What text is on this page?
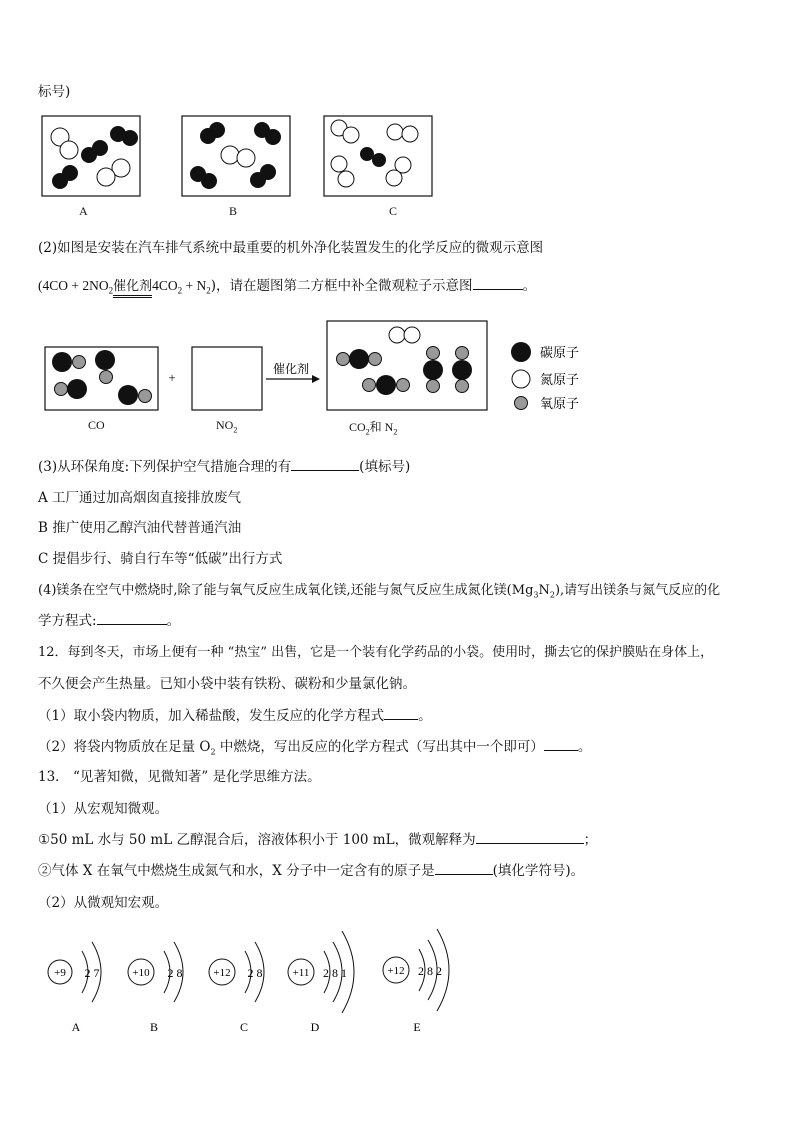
标号)
A	B	C
(2)如图是安装在汽车排气系统中最重要的机外净化装置发生的化学反应的微观示意图
($4CO + 2NO_2$催化剂$4CO_2 + N_2$)，请在题图第二方框中补全微观粒子示意图	。
+
催化剂
碳原子
氮原子
氧原子
CO	$NO_2$	$CO_2$和 $N_2$
(3)从环保角度:下列保护空气措施合理的有	(填标号)
A 工厂通过加高烟囱直接排放废气
B 推广使用乙醇汽油代替普通汽油
C 提倡步行、骑自行车等“低碳”出行方式
(4)镁条在空气中燃烧时,除了能与氧气反应生成氧化镁,还能与氮气反应生成氮化镁$(Mg_3N_2)$,请写出镁条与氮气反应的化
学方程式:	。
12．每到冬天，市场上便有一种 “热宝” 出售，它是一个装有化学药品的小袋。使用时，撕去它的保护膜贴在身体上，
不久便会产生热量。已知小袋中装有铁粉、碳粉和少量氯化钠。
（1）取小袋内物质，加入稀盐酸，发生反应的化学方程式	。
（2）将袋内物质放在足量 $O_2$ 中燃烧，写出反应的化学方程式（写出其中一个即可）	。
13． “见著知微，见微知著” 是化学思维方法。
（1）从宏观知微观。
①50 mL 水与 50 mL 乙醇混合后，溶液体积小于 100 mL，微观解释为	；
②气体 X 在氧气中燃烧生成氮气和水，X 分子中一定含有的原子是	(填化学符号)。
（2）从微观知宏观。
+9 2 7
A
+10 2 8
B
+12 2 8
C
+11 2 8 1
D
+12 2 8 2
E
